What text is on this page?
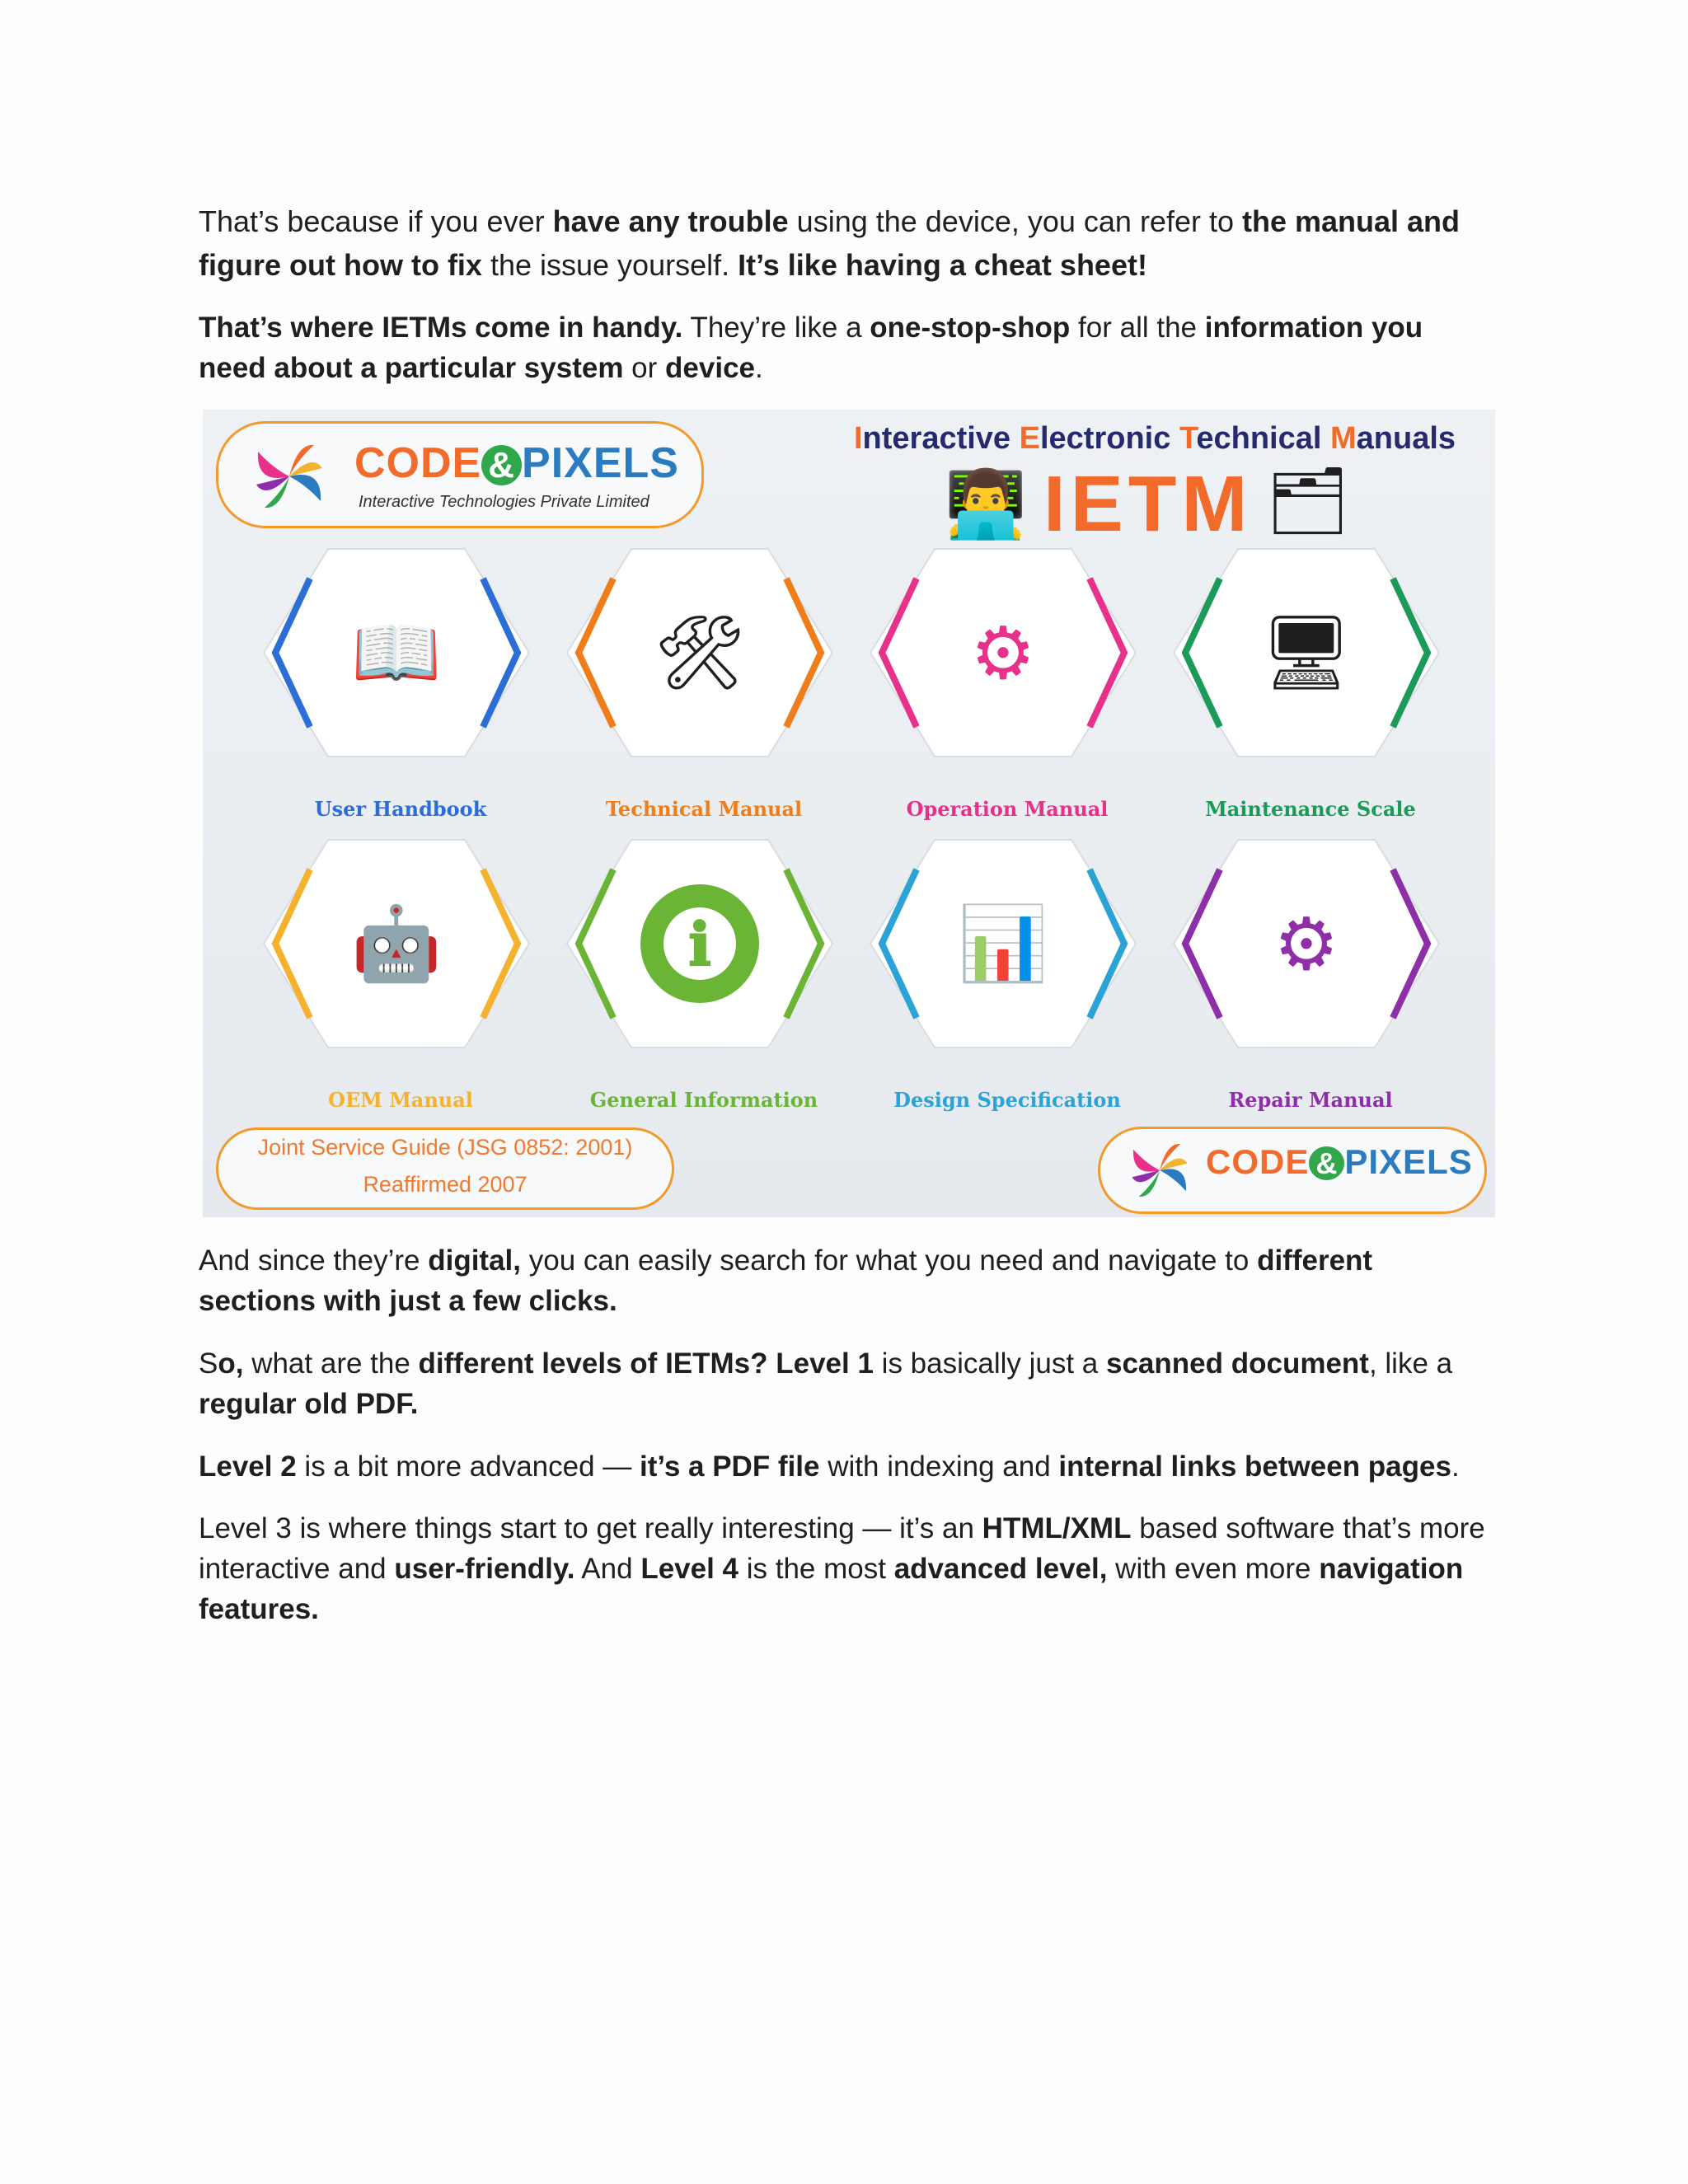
That’s because if you ever have any trouble using the device, you can refer to the manual and figure out how to fix the issue yourself. It’s like having a cheat sheet!

That’s where IETMs come in handy. They’re like a one-stop-shop for all the information you need about a particular system or device.

CODE & PIXELS
Interactive Technologies Private Limited
Interactive Electronic Technical Manuals
👨‍💻 IETM 🗂
📖
User Handbook
🛠
Technical Manual
⚙
Operation Manual
🖥
Maintenance Scale
🤖
OEM Manual
ℹ
General Information
📊
Design Specification
⚙
Repair Manual
Joint Service Guide (JSG 0852: 2001)
Reaffirmed 2007
CODE & PIXELS

And since they’re digital, you can easily search for what you need and navigate to different sections with just a few clicks.

So, what are the different levels of IETMs? Level 1 is basically just a scanned document, like a regular old PDF.

Level 2 is a bit more advanced — it’s a PDF file with indexing and internal links between pages.

Level 3 is where things start to get really interesting — it’s an HTML/XML based software that’s more interactive and user-friendly. And Level 4 is the most advanced level, with even more navigation features.
